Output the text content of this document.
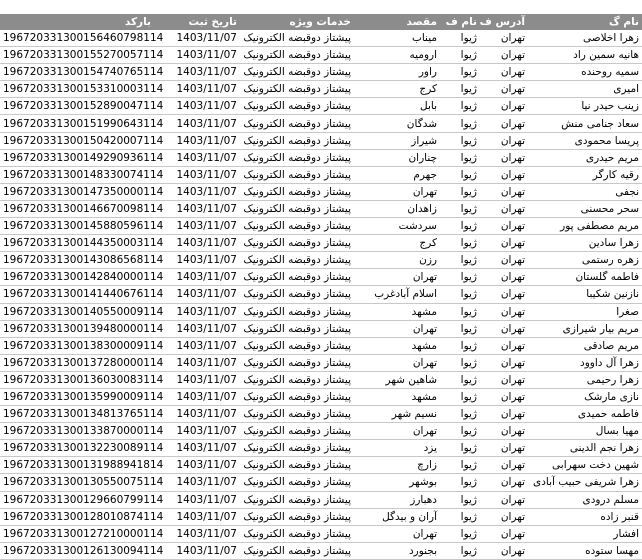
بارکد	تاریخ ثبت	خدمات ویژه	مقصد	نام ف	آدرس ف	نام گ
196720331300156460798114	1403/11/07	پیشتاز دوقبضه الکترونیک	میناب	ژیوا	تهران	زهرا اخلاصی
196720331300155270057114	1403/11/07	پیشتاز دوقبضه الکترونیک	ارومیه	ژیوا	تهران	هانیه سمین راد
196720331300154740765114	1403/11/07	پیشتاز دوقبضه الکترونیک	راور	ژیوا	تهران	سمیه روحنده
196720331300153310003114	1403/11/07	پیشتاز دوقبضه الکترونیک	کرج	ژیوا	تهران	امیری
196720331300152890047114	1403/11/07	پیشتاز دوقبضه الکترونیک	بابل	ژیوا	تهران	زینب حیدر نیا
196720331300151990643114	1403/11/07	پیشتاز دوقبضه الکترونیک	شدگان	ژیوا	تهران	سعاد جنامی منش
196720331300150420007114	1403/11/07	پیشتاز دوقبضه الکترونیک	شیراز	ژیوا	تهران	پریسا محمودی
196720331300149290936114	1403/11/07	پیشتاز دوقبضه الکترونیک	چناران	ژیوا	تهران	مریم حیدری
196720331300148330074114	1403/11/07	پیشتاز دوقبضه الکترونیک	جهرم	ژیوا	تهران	رقیه کارگر
196720331300147350000114	1403/11/07	پیشتاز دوقبضه الکترونیک	تهران	ژیوا	تهران	نجفی
196720331300146670098114	1403/11/07	پیشتاز دوقبضه الکترونیک	زاهدان	ژیوا	تهران	سحر محسنی
196720331300145880596114	1403/11/07	پیشتاز دوقبضه الکترونیک	سردشت	ژیوا	تهران	مریم مصطفی پور
196720331300144350003114	1403/11/07	پیشتاز دوقبضه الکترونیک	کرج	ژیوا	تهران	زهرا سادین
196720331300143086568114	1403/11/07	پیشتاز دوقبضه الکترونیک	رزن	ژیوا	تهران	زهره رستمی
196720331300142840000114	1403/11/07	پیشتاز دوقبضه الکترونیک	تهران	ژیوا	تهران	فاطمه گلستان
196720331300141440676114	1403/11/07	پیشتاز دوقبضه الکترونیک	اسلام آبادغرب	ژیوا	تهران	نازنین شکیبا
196720331300140550009114	1403/11/07	پیشتاز دوقبضه الکترونیک	مشهد	ژیوا	تهران	صغرا
196720331300139480000114	1403/11/07	پیشتاز دوقبضه الکترونیک	تهران	ژیوا	تهران	مریم بیار شیرازی
196720331300138300009114	1403/11/07	پیشتاز دوقبضه الکترونیک	مشهد	ژیوا	تهران	مریم صادقی
196720331300137280000114	1403/11/07	پیشتاز دوقبضه الکترونیک	تهران	ژیوا	تهران	زهرا آل داوود
196720331300136030083114	1403/11/07	پیشتاز دوقبضه الکترونیک	شاهین شهر	ژیوا	تهران	زهرا رحیمی
196720331300135990009114	1403/11/07	پیشتاز دوقبضه الکترونیک	مشهد	ژیوا	تهران	نازی مارشک
196720331300134813765114	1403/11/07	پیشتاز دوقبضه الکترونیک	نسیم شهر	ژیوا	تهران	فاطمه حمیدی
196720331300133870000114	1403/11/07	پیشتاز دوقبضه الکترونیک	تهران	ژیوا	تهران	مهیا بسال
196720331300132230089114	1403/11/07	پیشتاز دوقبضه الکترونیک	یزد	ژیوا	تهران	زهرا نجم الدینی
196720331300131988941814	1403/11/07	پیشتاز دوقبضه الکترونیک	زارچ	ژیوا	تهران	شهین دخت سهرابی
196720331300130550075114	1403/11/07	پیشتاز دوقبضه الکترونیک	بوشهر	ژیوا	تهران	زهرا شریفی حبیب آبادی
196720331300129660799114	1403/11/07	پیشتاز دوقبضه الکترونیک	دهبارز	ژیوا	تهران	مسلم درودی
196720331300128010874114	1403/11/07	پیشتاز دوقبضه الکترونیک	آران و بیدگل	ژیوا	تهران	قنبر زاده
196720331300127210000114	1403/11/07	پیشتاز دوقبضه الکترونیک	تهران	ژیوا	تهران	افشار
196720331300126130094114	1403/11/07	پیشتاز دوقبضه الکترونیک	بجنورد	ژیوا	تهران	مهسا ستوده
